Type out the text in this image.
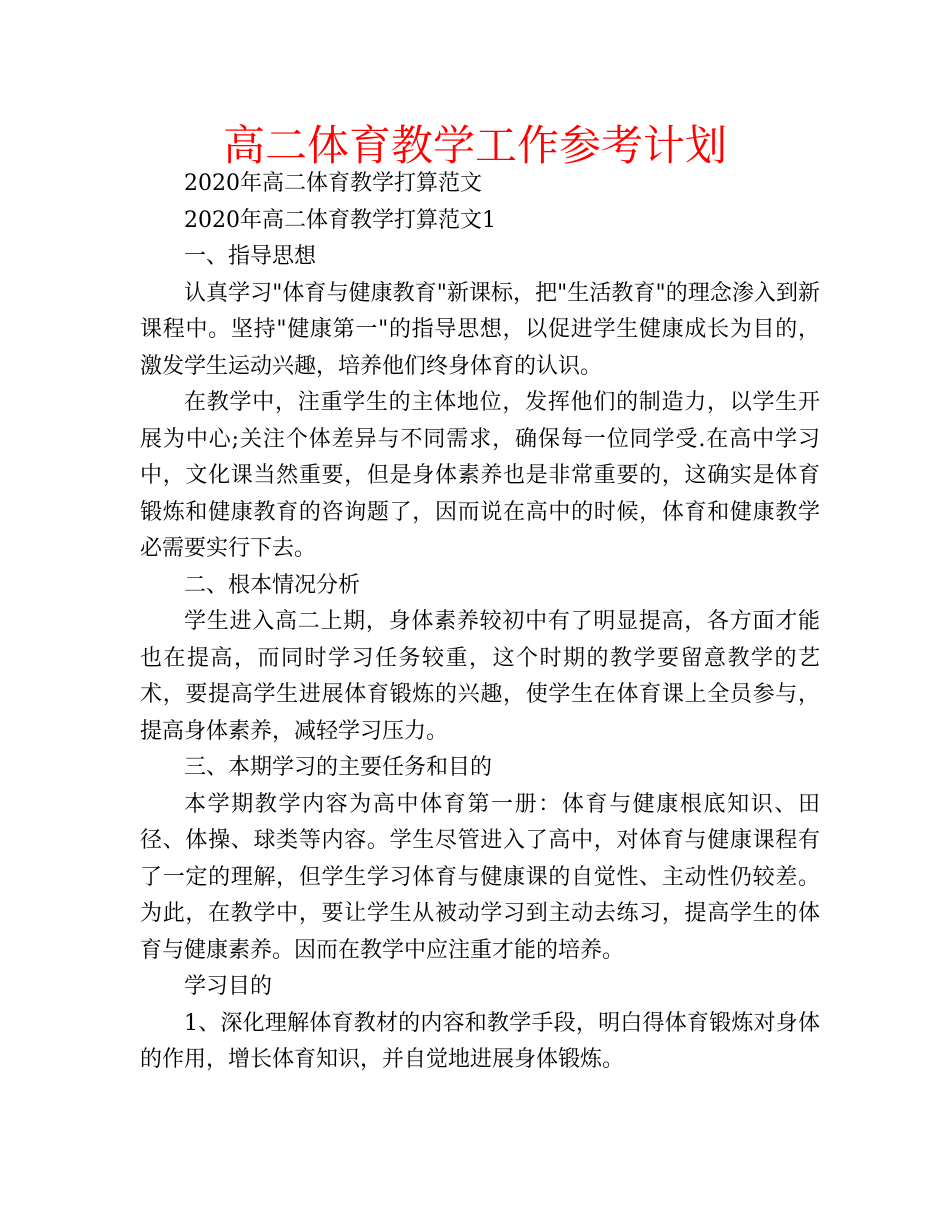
高二体育教学工作参考计划

2020年高二体育教学打算范文

2020年高二体育教学打算范文1

一、指导思想

认真学习"体育与健康教育"新课标，把"生活教育"的理念渗入到新课程中。坚持"健康第一"的指导思想，以促进学生健康成长为目的，激发学生运动兴趣，培养他们终身体育的认识。

在教学中，注重学生的主体地位，发挥他们的制造力，以学生开展为中心;关注个体差异与不同需求，确保每一位同学受.在高中学习中，文化课当然重要，但是身体素养也是非常重要的，这确实是体育锻炼和健康教育的咨询题了，因而说在高中的时候，体育和健康教学必需要实行下去。

二、根本情况分析

学生进入高二上期，身体素养较初中有了明显提高，各方面才能也在提高，而同时学习任务较重，这个时期的教学要留意教学的艺术，要提高学生进展体育锻炼的兴趣，使学生在体育课上全员参与，提高身体素养，减轻学习压力。

三、本期学习的主要任务和目的

本学期教学内容为高中体育第一册：体育与健康根底知识、田径、体操、球类等内容。学生尽管进入了高中，对体育与健康课程有了一定的理解，但学生学习体育与健康课的自觉性、主动性仍较差。为此，在教学中，要让学生从被动学习到主动去练习，提高学生的体育与健康素养。因而在教学中应注重才能的培养。

学习目的

1、深化理解体育教材的内容和教学手段，明白得体育锻炼对身体的作用，增长体育知识，并自觉地进展身体锻炼。
